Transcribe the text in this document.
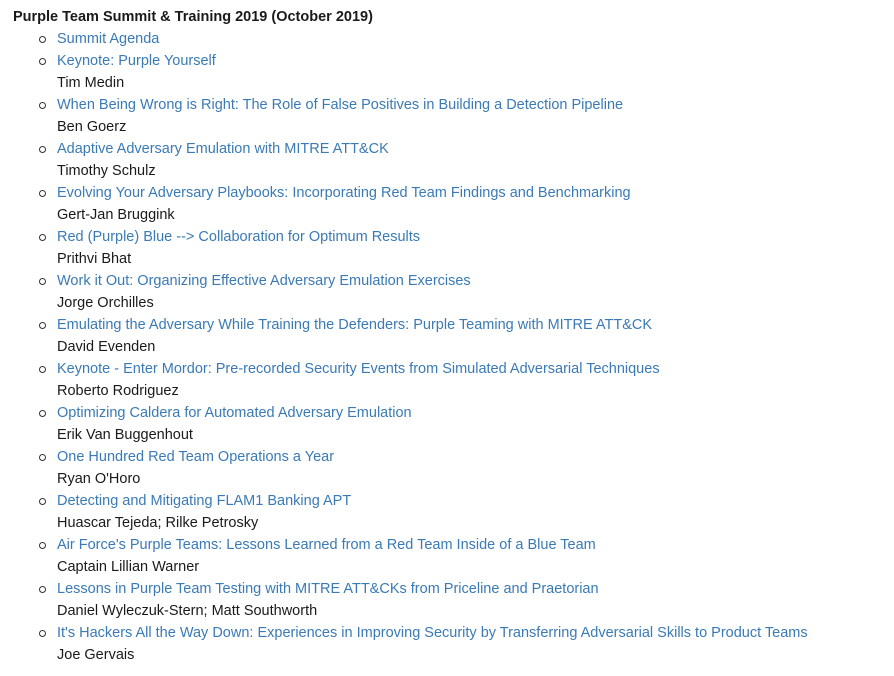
Purple Team Summit & Training 2019 (October 2019)
Summit Agenda
Keynote: Purple Yourself
Tim Medin
When Being Wrong is Right: The Role of False Positives in Building a Detection Pipeline
Ben Goerz
Adaptive Adversary Emulation with MITRE ATT&CK
Timothy Schulz
Evolving Your Adversary Playbooks: Incorporating Red Team Findings and Benchmarking
Gert-Jan Bruggink
Red (Purple) Blue --> Collaboration for Optimum Results
Prithvi Bhat
Work it Out: Organizing Effective Adversary Emulation Exercises
Jorge Orchilles
Emulating the Adversary While Training the Defenders: Purple Teaming with MITRE ATT&CK
David Evenden
Keynote - Enter Mordor: Pre-recorded Security Events from Simulated Adversarial Techniques
Roberto Rodriguez
Optimizing Caldera for Automated Adversary Emulation
Erik Van Buggenhout
One Hundred Red Team Operations a Year
Ryan O'Horo
Detecting and Mitigating FLAM1 Banking APT
Huascar Tejeda; Rilke Petrosky
Air Force's Purple Teams: Lessons Learned from a Red Team Inside of a Blue Team
Captain Lillian Warner
Lessons in Purple Team Testing with MITRE ATT&CKs from Priceline and Praetorian
Daniel Wyleczuk-Stern; Matt Southworth
It's Hackers All the Way Down: Experiences in Improving Security by Transferring Adversarial Skills to Product Teams
Joe Gervais
